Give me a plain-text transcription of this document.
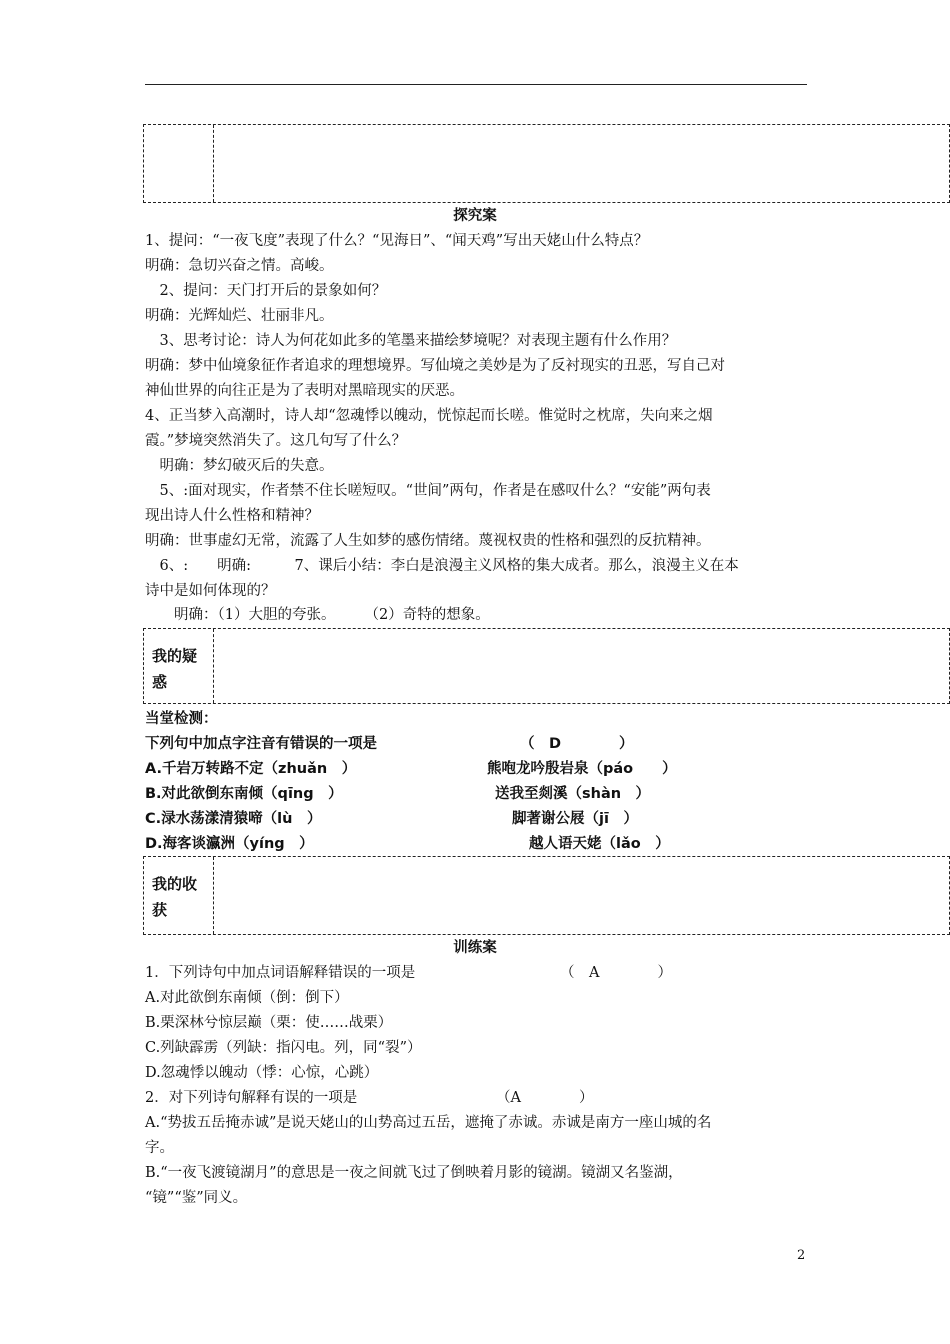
探究案
1、提问：“一夜飞度”表现了什么？“见海日”、“闻天鸡”写出天姥山什么特点？
明确：急切兴奋之情。高峻。
　2、提问：天门打开后的景象如何？
明确：光辉灿烂、壮丽非凡。
　3、思考讨论：诗人为何花如此多的笔墨来描绘梦境呢？对表现主题有什么作用？
明确：梦中仙境象征作者追求的理想境界。写仙境之美妙是为了反衬现实的丑恶，写自己对
神仙世界的向往正是为了表明对黑暗现实的厌恶。
4、正当梦入高潮时，诗人却“忽魂悸以魄动，恍惊起而长嗟。惟觉时之枕席，失向来之烟
霞。”梦境突然消失了。这几句写了什么？
　明确：梦幻破灭后的失意。
　5、:面对现实，作者禁不住长嗟短叹。“世间”两句，作者是在感叹什么？“安能”两句表
现出诗人什么性格和精神？
明确：世事虚幻无常，流露了人生如梦的感伤情绪。蔑视权贵的性格和强烈的反抗精神。
　6、:　　明确:　　　7、课后小结：李白是浪漫主义风格的集大成者。那么，浪漫主义在本
诗中是如何体现的？
　　明确：（1）大胆的夸张。　　　（2）奇特的想象。
我的疑惑
当堂检测：
下列句中加点字注音有错误的一项是	（　D　　　　）
A.千岩万转路不定（zhuǎn　）	熊咆龙吟殷岩泉（páo　　）
B.对此欲倒东南倾（qīng　）	送我至剡溪（shàn　）
C.渌水荡漾清猿啼（lù　）	脚著谢公屐（jī　）
D.海客谈瀛洲（yíng　）	越人语天姥（lǎo　）
我的收获
训练案
1．下列诗句中加点词语解释错误的一项是	（　A　　　　）
A.对此欲倒东南倾（倒：倒下）
B.栗深林兮惊层巅（栗：使……战栗）
C.列缺霹雳（列缺：指闪电。列，同“裂”）
D.忽魂悸以魄动（悸：心惊，心跳）
2．对下列诗句解释有误的一项是	（A　　　　）
A.“势拔五岳掩赤诚”是说天姥山的山势高过五岳，遮掩了赤诚。赤诚是南方一座山城的名
字。
B.“一夜飞渡镜湖月”的意思是一夜之间就飞过了倒映着月影的镜湖。镜湖又名鉴湖，
“镜”“鉴”同义。
2
